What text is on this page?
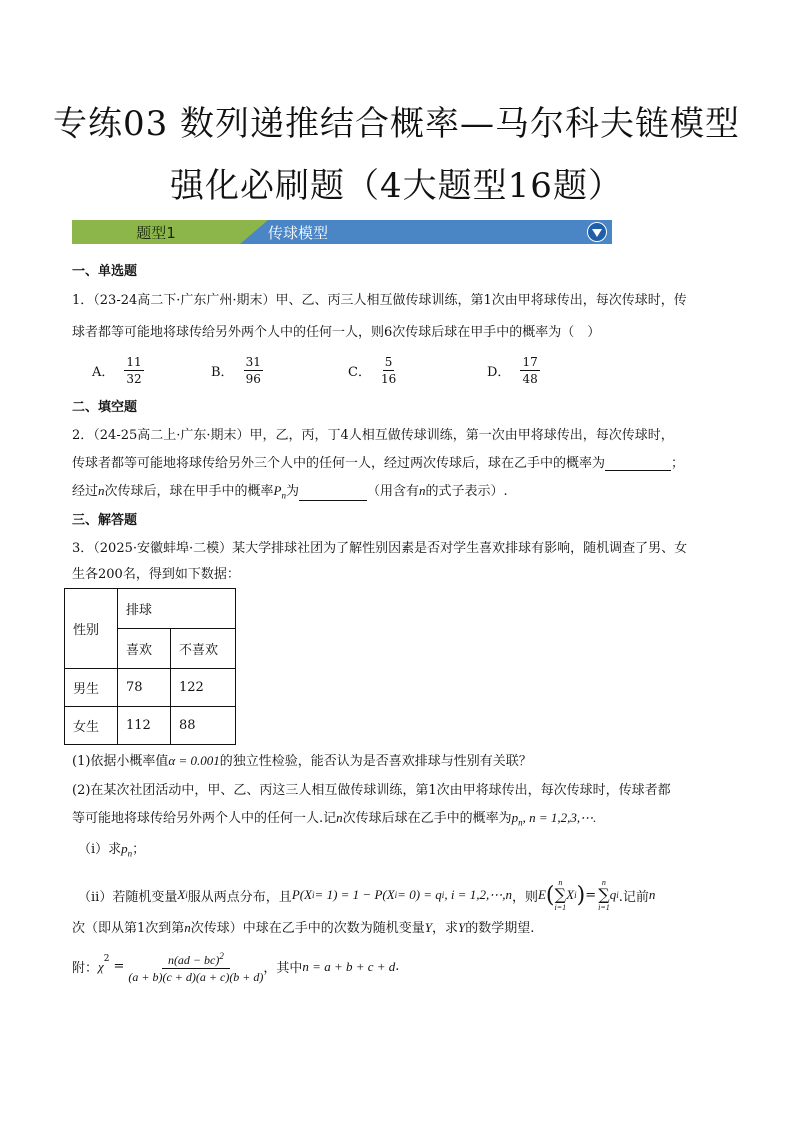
专练03 数列递推结合概率—马尔科夫链模型
强化必刷题（4大题型16题）
题型1	传球模型
一、单选题
1．（23-24高二下·广东广州·期末）甲、乙、丙三人相互做传球训练，第1次由甲将球传出，每次传球时，传
球者都等可能地将球传给另外两个人中的任何一人，则6次传球后球在甲手中的概率为（　）
A． $\frac{11}{32}$	B． $\frac{31}{96}$	C． $\frac{5}{16}$	D． $\frac{17}{48}$
二、填空题
2．（24-25高二上·广东·期末）甲，乙，丙，丁4人相互做传球训练，第一次由甲将球传出，每次传球时，
传球者都等可能地将球传给另外三个人中的任何一人，经过两次传球后，球在乙手中的概率为	；
经过n次传球后，球在甲手中的概率$P_n$为	（用含有n的式子表示）.
三、解答题
3．（2025·安徽蚌埠·二模）某大学排球社团为了解性别因素是否对学生喜欢排球有影响，随机调查了男、女
生各200名，得到如下数据：
性别	排球	
	喜欢	不喜欢
男生	78	122
女生	112	88
(1)依据小概率值α = 0.001的独立性检验，能否认为是否喜欢排球与性别有关联？
(2)在某次社团活动中，甲、乙、丙这三人相互做传球训练，第1次由甲将球传出，每次传球时，传球者都
等可能地将球传给另外两个人中的任何一人.记n次传球后球在乙手中的概率为$p_n$, n = 1,2,3,⋯.
（i）求$p_n$；
（ii）若随机变量 X i 服从两点分布，且 P(X i = 1) = 1 − P(X i = 0) = q i , i = 1,2,⋯,n ，则 E ( n
∑
i=1
X i ) =
n
∑
i=1
q i .记前 n
次（即从第1次到第n次传球）中球在乙手中的次数为随机变量Y，求Y的数学期望.
附： $\chi^2 = \frac{n(ad - bc)^2}{(a + b)(c + d)(a + c)(b + d)}$ ，其中 n = a + b + c + d .
